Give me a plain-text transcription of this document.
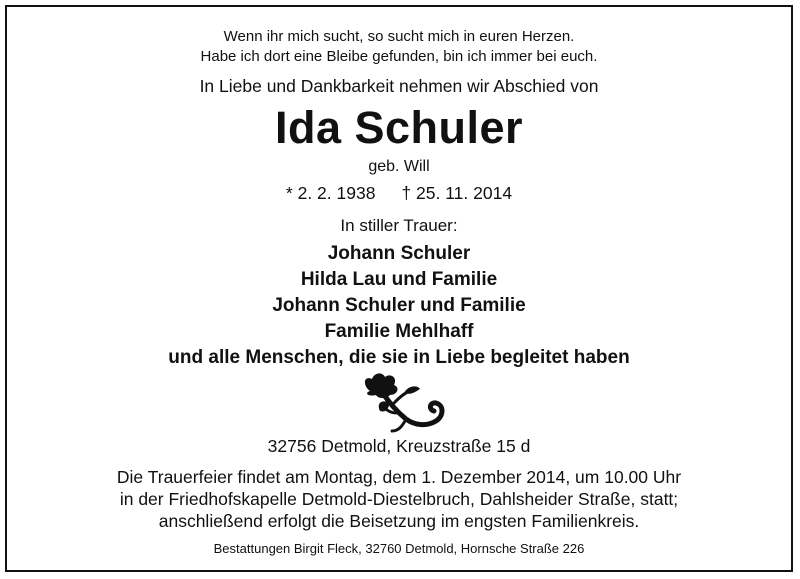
Wenn ihr mich sucht, so sucht mich in euren Herzen.
Habe ich dort eine Bleibe gefunden, bin ich immer bei euch.
In Liebe und Dankbarkeit nehmen wir Abschied von
Ida Schuler
geb. Will
* 2. 2. 1938 † 25. 11. 2014
In stiller Trauer:
Johann Schuler
Hilda Lau und Familie
Johann Schuler und Familie
Familie Mehlhaff
und alle Menschen, die sie in Liebe begleitet haben
32756 Detmold, Kreuzstraße 15 d
Die Trauerfeier findet am Montag, dem 1. Dezember 2014, um 10.00 Uhr
in der Friedhofskapelle Detmold-Diestelbruch, Dahlsheider Straße, statt;
anschließend erfolgt die Beisetzung im engsten Familienkreis.
Bestattungen Birgit Fleck, 32760 Detmold, Hornsche Straße 226
